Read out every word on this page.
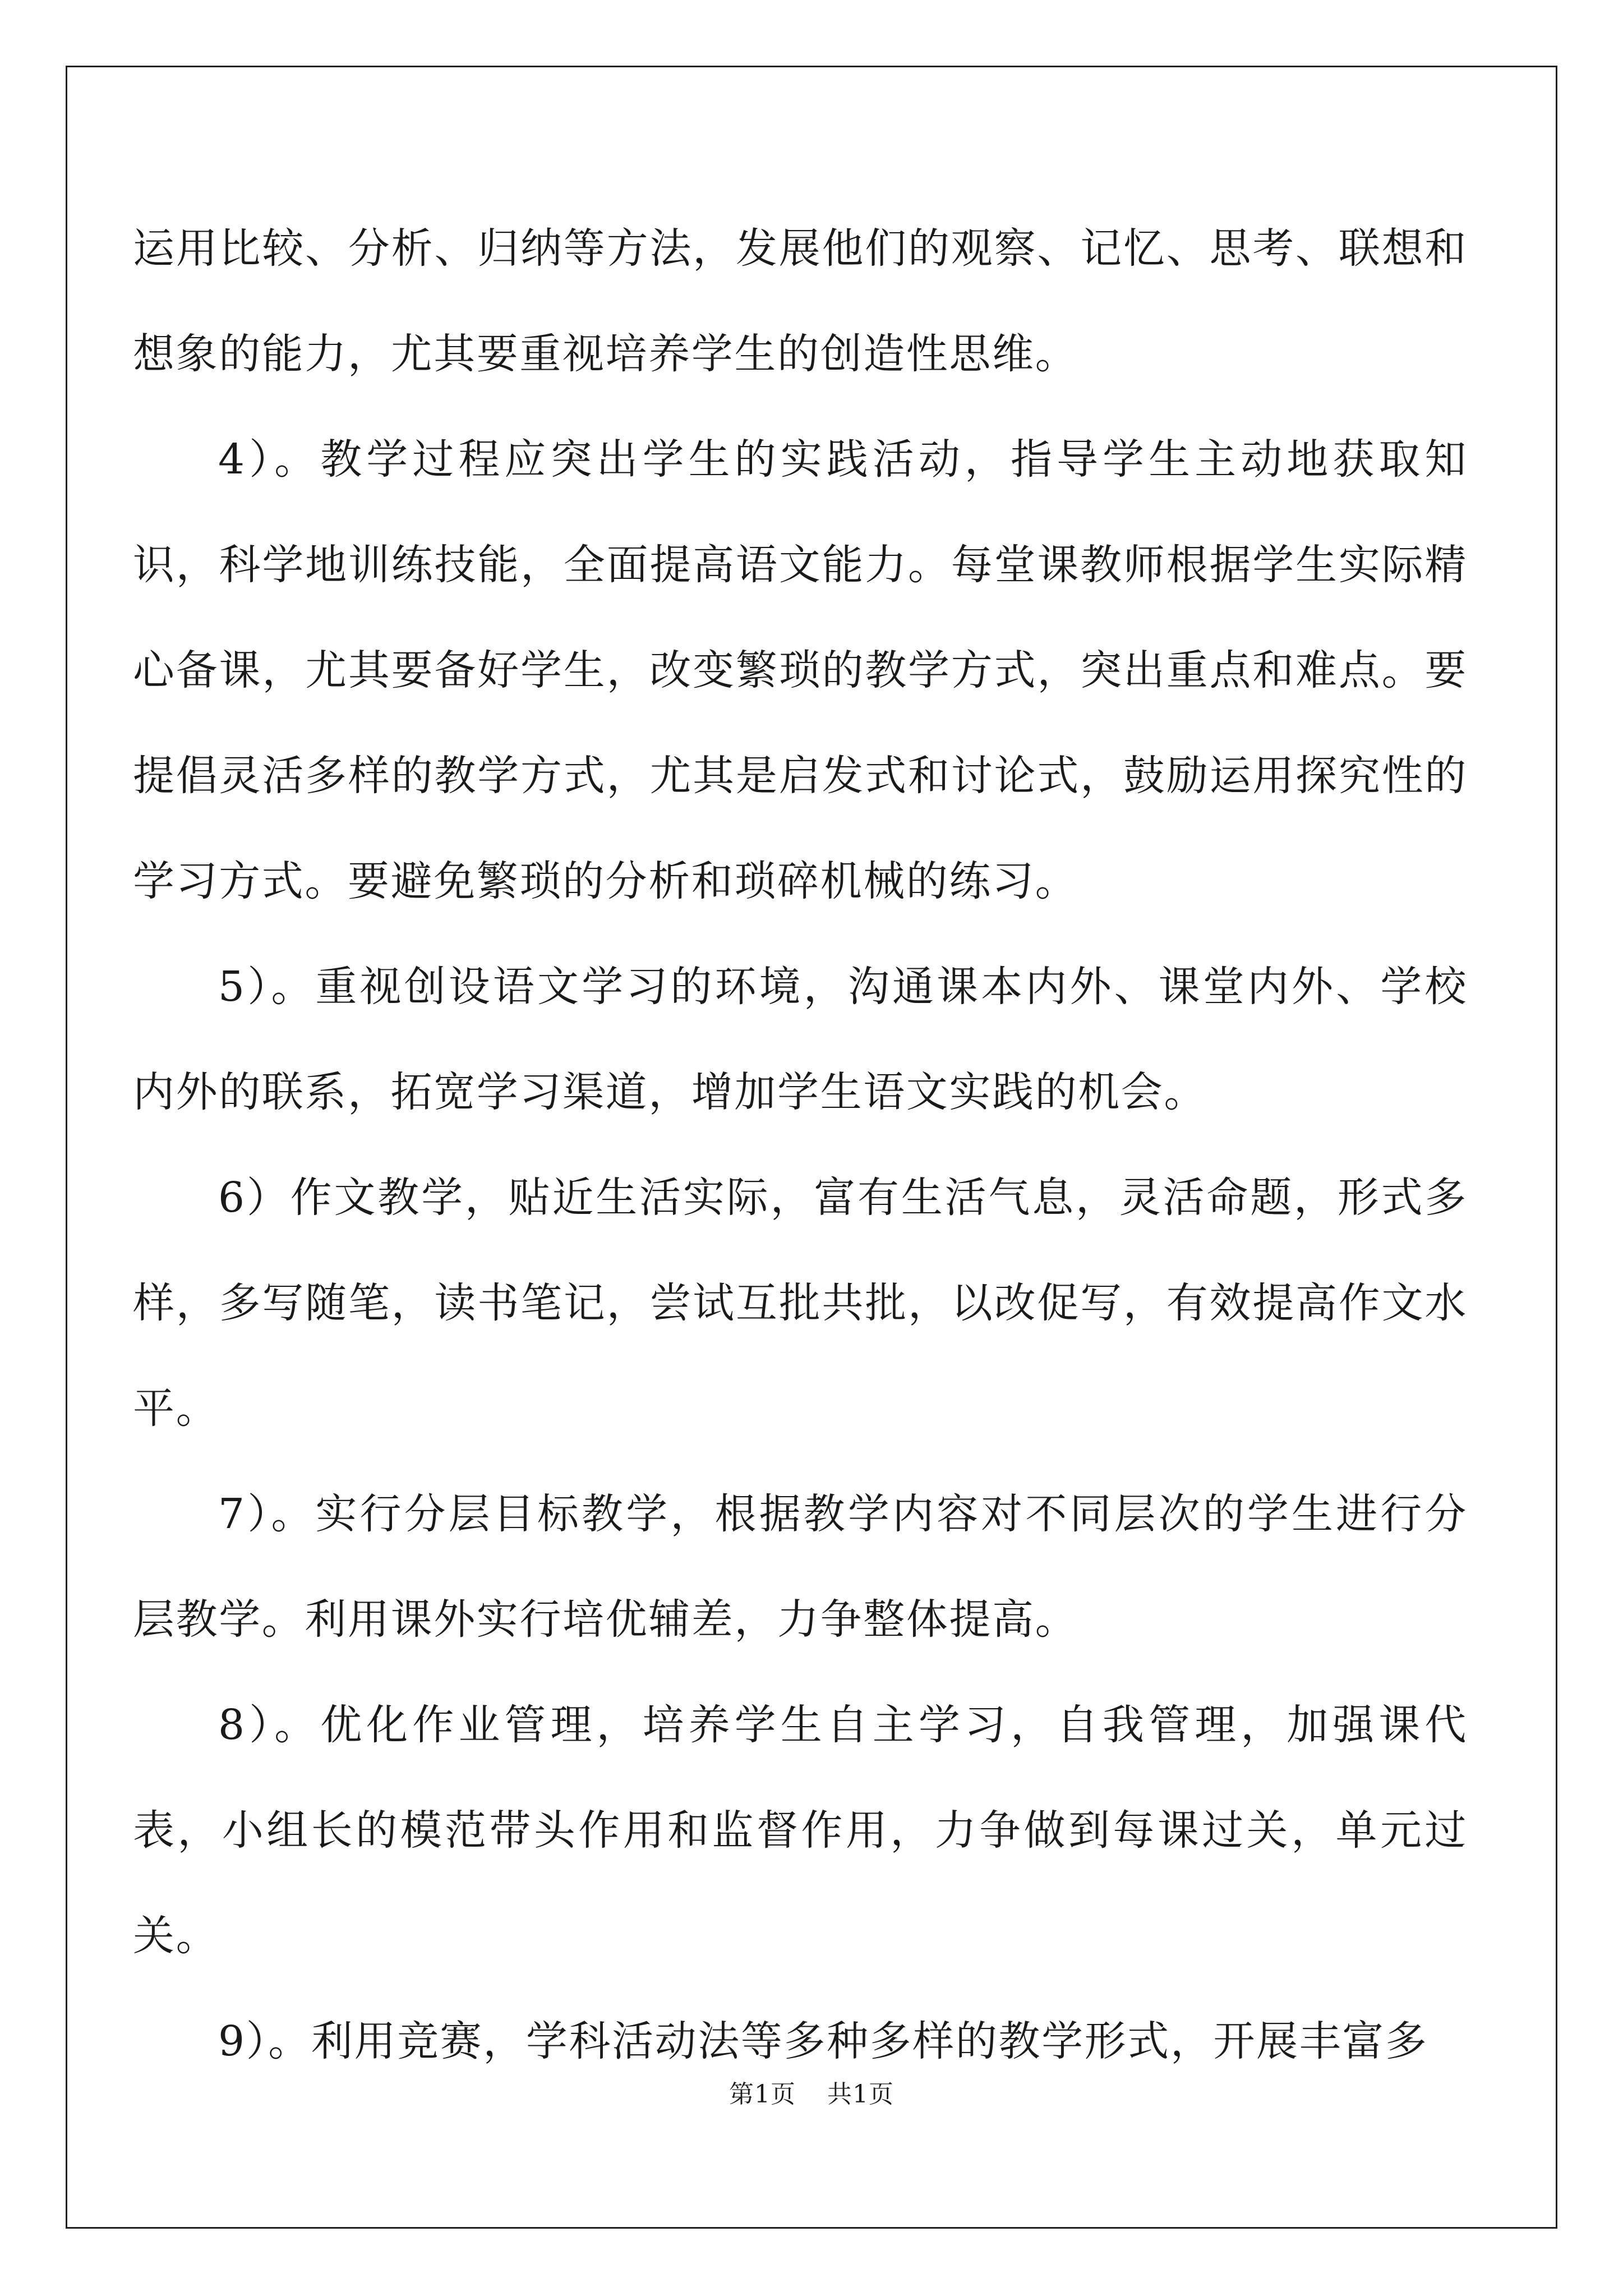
运用比较、分析、归纳等方法，发展他们的观察、记忆、思考、联想和想象的能力，尤其要重视培养学生的创造性思维。

4）。教学过程应突出学生的实践活动，指导学生主动地获取知识，科学地训练技能，全面提高语文能力。每堂课教师根据学生实际精心备课，尤其要备好学生，改变繁琐的教学方式，突出重点和难点。要提倡灵活多样的教学方式，尤其是启发式和讨论式，鼓励运用探究性的学习方式。要避免繁琐的分析和琐碎机械的练习。

5）。重视创设语文学习的环境，沟通课本内外、课堂内外、学校内外的联系，拓宽学习渠道，增加学生语文实践的机会。

6）作文教学，贴近生活实际，富有生活气息，灵活命题，形式多样，多写随笔，读书笔记，尝试互批共批，以改促写，有效提高作文水平。

7）。实行分层目标教学，根据教学内容对不同层次的学生进行分层教学。利用课外实行培优辅差，力争整体提高。

8）。优化作业管理，培养学生自主学习，自我管理，加强课代表，小组长的模范带头作用和监督作用，力争做到每课过关，单元过关。

9）。利用竞赛，学科活动法等多种多样的教学形式，开展丰富多

第1页 共1页
